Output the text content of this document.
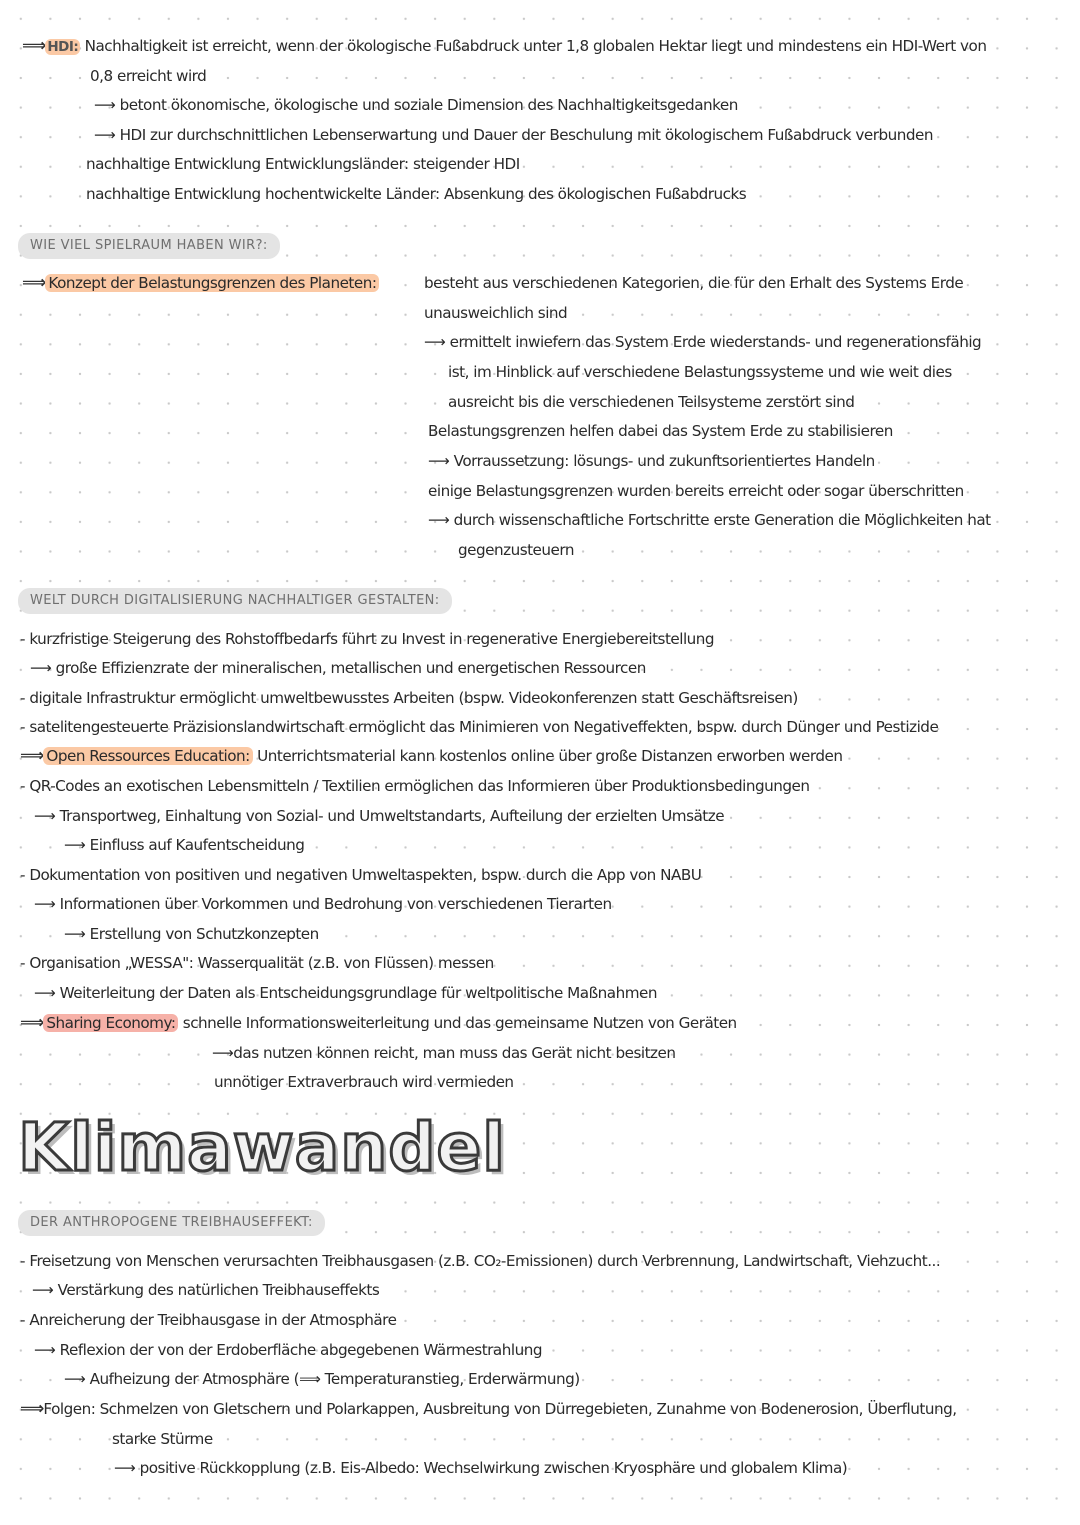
⟹ HDI: Nachhaltigkeit ist erreicht, wenn der ökologische Fußabdruck unter 1,8 globalen Hektar liegt und mindestens ein HDI-Wert von
0,8 erreicht wird
⟶ betont ökonomische, ökologische und soziale Dimension des Nachhaltigkeitsgedanken
⟶ HDI zur durchschnittlichen Lebenserwartung und Dauer der Beschulung mit ökologischem Fußabdruck verbunden
nachhaltige Entwicklung Entwicklungsländer: steigender HDI
nachhaltige Entwicklung hochentwickelte Länder: Absenkung des ökologischen Fußabdrucks
WIE VIEL SPIELRAUM HABEN WIR?:
⟹ Konzept der Belastungsgrenzen des Planeten:	besteht aus verschiedenen Kategorien, die für den Erhalt des Systems Erde
unausweichlich sind
⟶ ermittelt inwiefern das System Erde wiederstands- und regenerationsfähig
ist, im Hinblick auf verschiedene Belastungssysteme und wie weit dies
ausreicht bis die verschiedenen Teilsysteme zerstört sind
Belastungsgrenzen helfen dabei das System Erde zu stabilisieren
⟶ Vorraussetzung: lösungs- und zukunftsorientiertes Handeln
einige Belastungsgrenzen wurden bereits erreicht oder sogar überschritten
⟶ durch wissenschaftliche Fortschritte erste Generation die Möglichkeiten hat
gegenzusteuern
WELT DURCH DIGITALISIERUNG NACHHALTIGER GESTALTEN:
- kurzfristige Steigerung des Rohstoffbedarfs führt zu Invest in regenerative Energiebereitstellung
⟶ große Effizienzrate der mineralischen, metallischen und energetischen Ressourcen
- digitale Infrastruktur ermöglicht umweltbewusstes Arbeiten (bspw. Videokonferenzen statt Geschäftsreisen)
- satelitengesteuerte Präzisionslandwirtschaft ermöglicht das Minimieren von Negativeffekten, bspw. durch Dünger und Pestizide
⟹ Open Ressources Education: Unterrichtsmaterial kann kostenlos online über große Distanzen erworben werden
- QR-Codes an exotischen Lebensmitteln / Textilien ermöglichen das Informieren über Produktionsbedingungen
⟶ Transportweg, Einhaltung von Sozial- und Umweltstandarts, Aufteilung der erzielten Umsätze
⟶ Einfluss auf Kaufentscheidung
- Dokumentation von positiven und negativen Umweltaspekten, bspw. durch die App von NABU
⟶ Informationen über Vorkommen und Bedrohung von verschiedenen Tierarten
⟶ Erstellung von Schutzkonzepten
- Organisation „WESSA": Wasserqualität (z.B. von Flüssen) messen
⟶ Weiterleitung der Daten als Entscheidungsgrundlage für weltpolitische Maßnahmen
⟹ Sharing Economy: schnelle Informationsweiterleitung und das gemeinsame Nutzen von Geräten
⟶das nutzen können reicht, man muss das Gerät nicht besitzen
unnötiger Extraverbrauch wird vermieden
Klimawandel
DER ANTHROPOGENE TREIBHAUSEFFEKT:
- Freisetzung von Menschen verursachten Treibhausgasen (z.B. CO₂-Emissionen) durch Verbrennung, Landwirtschaft, Viehzucht...
⟶ Verstärkung des natürlichen Treibhauseffekts
- Anreicherung der Treibhausgase in der Atmosphäre
⟶ Reflexion der von der Erdoberfläche abgegebenen Wärmestrahlung
⟶ Aufheizung der Atmosphäre (⟹ Temperaturanstieg, Erderwärmung)
⟹Folgen: Schmelzen von Gletschern und Polarkappen, Ausbreitung von Dürregebieten, Zunahme von Bodenerosion, Überflutung,
starke Stürme
⟶ positive Rückkopplung (z.B. Eis-Albedo: Wechselwirkung zwischen Kryosphäre und globalem Klima)
